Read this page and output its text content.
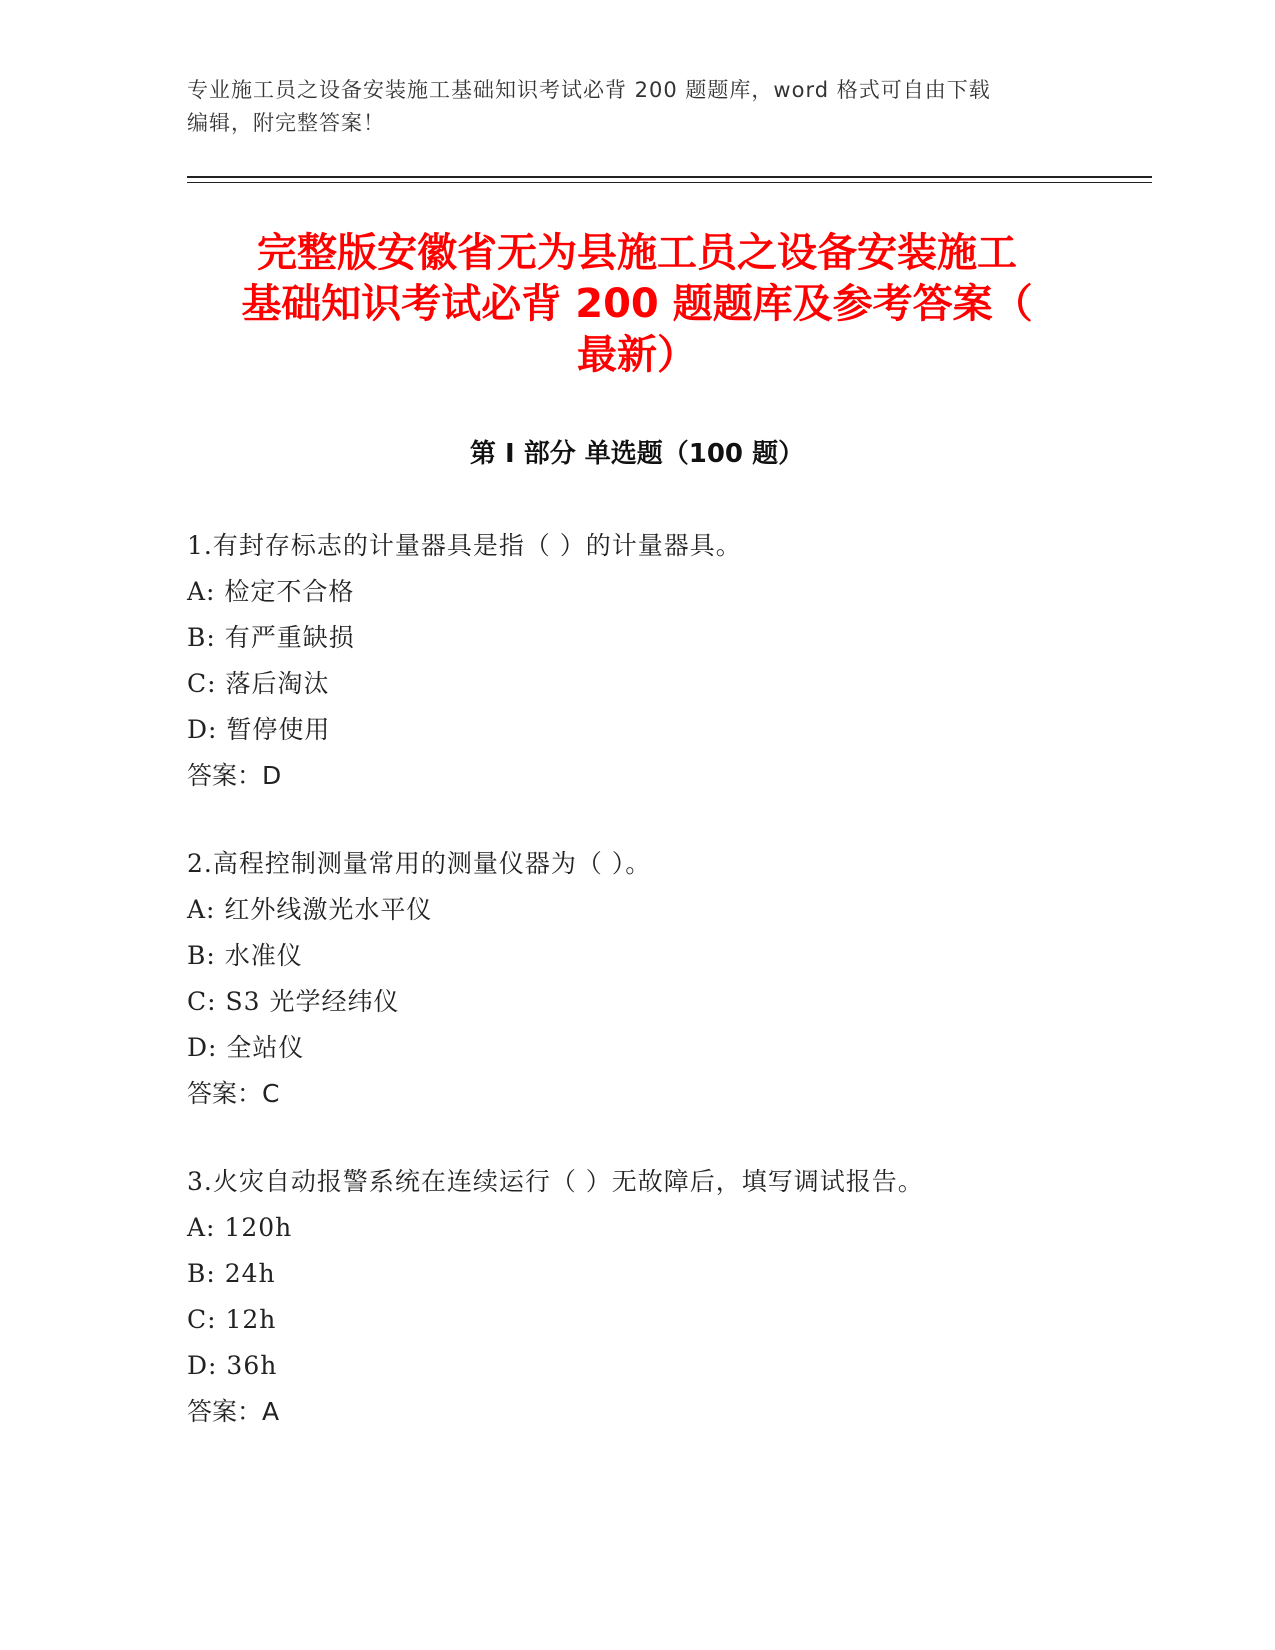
专业施工员之设备安装施工基础知识考试必背 200 题题库，word 格式可自由下载
编辑，附完整答案！
完整版安徽省无为县施工员之设备安装施工
基础知识考试必背 200 题题库及参考答案（
最新）
第 I 部分 单选题（100 题）
1.有封存标志的计量器具是指（ ）的计量器具。
A: 检定不合格
B: 有严重缺损
C: 落后淘汰
D: 暂停使用
答案：D
2.高程控制测量常用的测量仪器为（ ）。
A: 红外线激光水平仪
B: 水准仪
C: S3 光学经纬仪
D: 全站仪
答案：C
3.火灾自动报警系统在连续运行（ ）无故障后，填写调试报告。
A: 120h
B: 24h
C: 12h
D: 36h
答案：A
